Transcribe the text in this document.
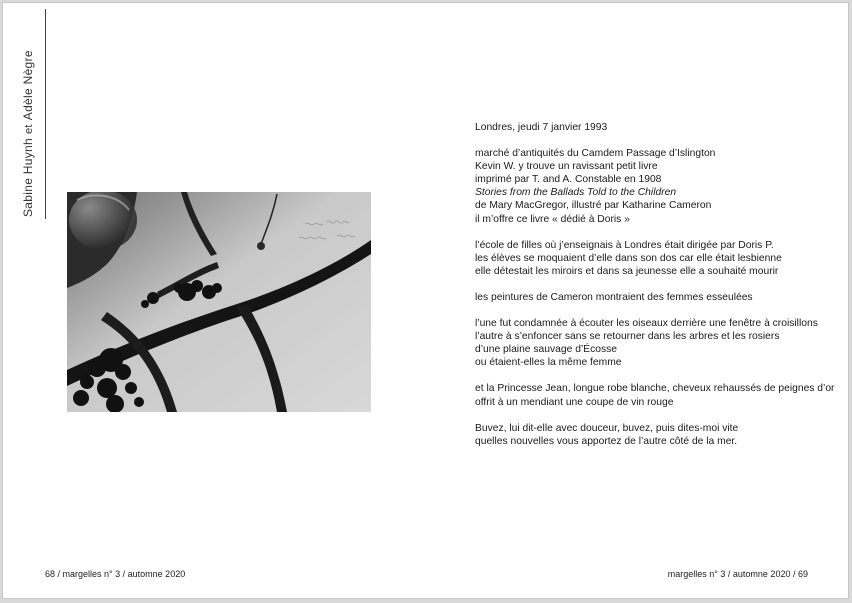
Sabine HuynhetAdèle Nègre

Londres, jeudi 7 janvier 1993

marché d’antiquités du Camdem Passage d’Islington
Kevin W. y trouve un ravissant petit livre
imprimé par T. and A. Constable en 1908
Stories from the Ballads Told to the Children
de Mary MacGregor, illustré par Katharine Cameron
il m’offre ce livre « dédié à Doris »

l’école de filles où j’enseignais à Londres était dirigée par Doris P.
les élèves se moquaient d’elle dans son dos car elle était lesbienne
elle détestait les miroirs et dans sa jeunesse elle a souhaité mourir

les peintures de Cameron montraient des femmes esseulées

l’une fut condamnée à écouter les oiseaux derrière une fenêtre à croisillons
l’autre à s’enfoncer sans se retourner dans les arbres et les rosiers
d’une plaine sauvage d’Écosse
ou étaient-elles la même femme

et la Princesse Jean, longue robe blanche, cheveux rehaussés de peignes d’or
offrit à un mendiant une coupe de vin rouge

Buvez, lui dit-elle avec douceur, buvez, puis dites-moi vite
quelles nouvelles vous apportez de l’autre côté de la mer.

68 / margelles n° 3 / automne 2020	margelles n° 3 / automne 2020 / 69
